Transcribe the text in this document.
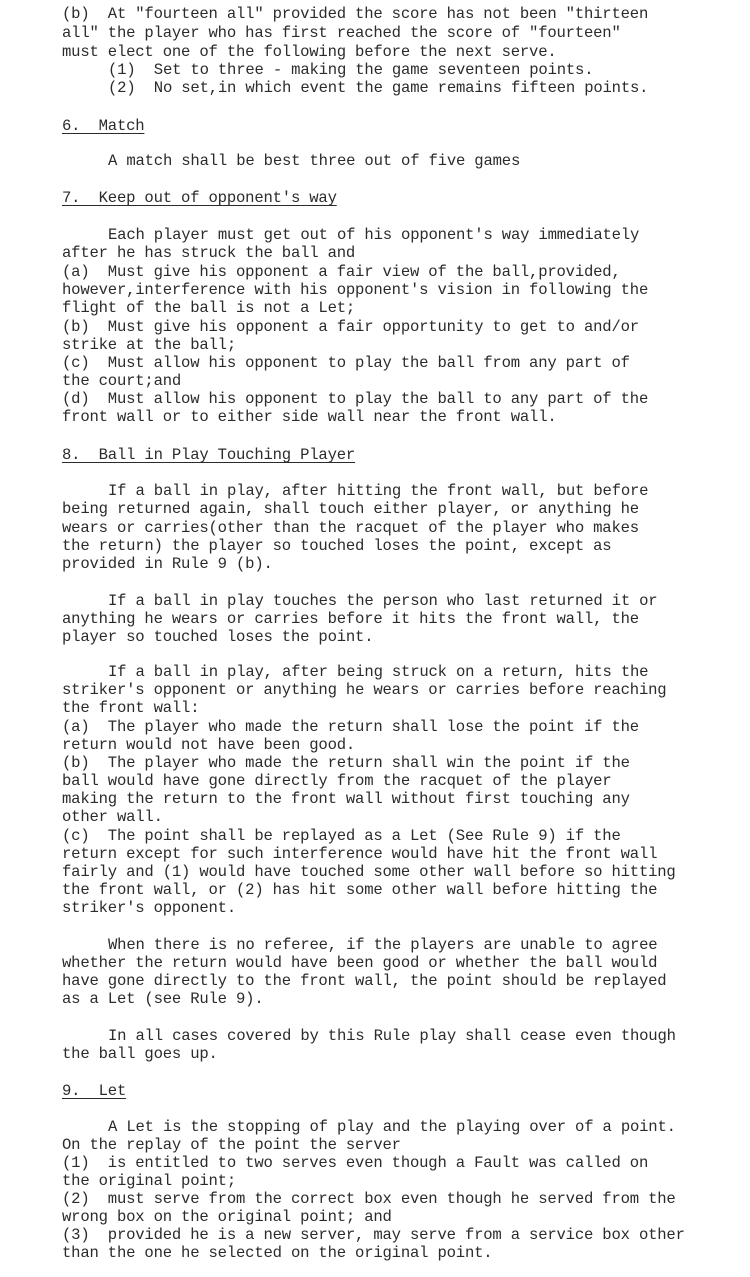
(b)  At "fourteen all" provided the score has not been "thirteen
all" the player who has first reached the score of "fourteen"
must elect one of the following before the next serve.
(1)  Set to three - making the game seventeen points.
(2)  No set,in which event the game remains fifteen points.
6.  Match
A match shall be best three out of five games
7.  Keep out of opponent's way
Each player must get out of his opponent's way immediately
after he has struck the ball and
(a)  Must give his opponent a fair view of the ball,provided,
however,interference with his opponent's vision in following the
flight of the ball is not a Let;
(b)  Must give his opponent a fair opportunity to get to and/or
strike at the ball;
(c)  Must allow his opponent to play the ball from any part of
the court;and
(d)  Must allow his opponent to play the ball to any part of the
front wall or to either side wall near the front wall.
8.  Ball in Play Touching Player
If a ball in play, after hitting the front wall, but before
being returned again, shall touch either player, or anything he
wears or carries(other than the racquet of the player who makes
the return) the player so touched loses the point, except as
provided in Rule 9 (b).
If a ball in play touches the person who last returned it or
anything he wears or carries before it hits the front wall, the
player so touched loses the point.
If a ball in play, after being struck on a return, hits the
striker's opponent or anything he wears or carries before reaching
the front wall:
(a)  The player who made the return shall lose the point if the
return would not have been good.
(b)  The player who made the return shall win the point if the
ball would have gone directly from the racquet of the player
making the return to the front wall without first touching any
other wall.
(c)  The point shall be replayed as a Let (See Rule 9) if the
return except for such interference would have hit the front wall
fairly and (1) would have touched some other wall before so hitting
the front wall, or (2) has hit some other wall before hitting the
striker's opponent.
When there is no referee, if the players are unable to agree
whether the return would have been good or whether the ball would
have gone directly to the front wall, the point should be replayed
as a Let (see Rule 9).
In all cases covered by this Rule play shall cease even though
the ball goes up.
9.  Let
A Let is the stopping of play and the playing over of a point.
On the replay of the point the server
(1)  is entitled to two serves even though a Fault was called on
the original point;
(2)  must serve from the correct box even though he served from the
wrong box on the original point; and
(3)  provided he is a new server, may serve from a service box other
than the one he selected on the original point.
